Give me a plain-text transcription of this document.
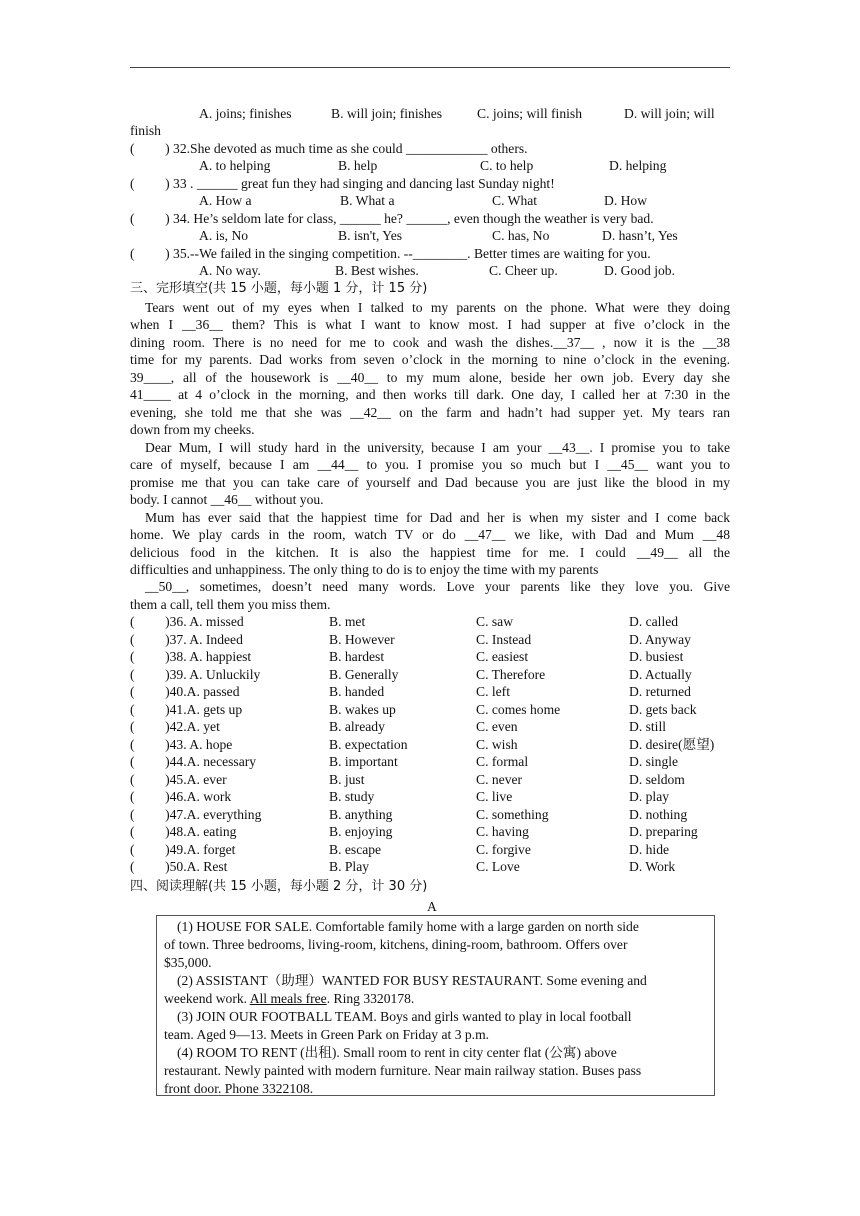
A. joins; finishes	B. will join; finishes	C. joins; will finish	D. will join; will
finish
(         ) 32.She devoted as much time as she could ____________ others.
A. to helping	B. help	C. to help	D. helping
(         ) 33 . ______ great fun they had singing and dancing last Sunday night!
A. How a	B. What a	C. What	D. How
(         ) 34. He’s seldom late for class, ______ he? ______, even though the weather is very bad.
A. is, No	B. isn't, Yes	C. has, No	D. hasn’t, Yes
(         ) 35.--We failed in the singing competition. --________. Better times are waiting for you.
A. No way.	B. Best wishes.	C. Cheer up.	D. Good job.
三、完形填空(共 15 小题，每小题 1 分，计 15 分)
Tears went out of my eyes when I talked to my parents on the phone. What were they doing
when I __36__ them? This is what I want to know most. I had supper at five o’clock in the
dining room. There is no need for me to cook and wash the dishes.__37__ , now it is the __38
time for my parents. Dad works from seven o’clock in the morning to nine o’clock in the evening.
39____, all of the housework is __40__ to my mum alone, beside her own job. Every day she
41____ at 4 o’clock in the morning, and then works till dark. One day, I called her at 7:30 in the
evening, she told me that she was __42__ on the farm and hadn’t had supper yet. My tears ran
down from my cheeks.
Dear Mum, I will study hard in the university, because I am your __43__. I promise you to take
care of myself, because I am __44__ to you. I promise you so much but I __45__ want you to
promise me that you can take care of yourself and Dad because you are just like the blood in my
body. I cannot __46__ without you.
Mum has ever said that the happiest time for Dad and her is when my sister and I come back
home. We play cards in the room, watch TV or do __47__ we like, with Dad and Mum __48
delicious food in the kitchen. It is also the happiest time for me. I could __49__ all the
difficulties and unhappiness. The only thing to do is to enjoy the time with my parents
__50__, sometimes, doesn’t need many words. Love your parents like they love you. Give
them a call, tell them you miss them.
(         )36. A. missed	B. met	C. saw	D. called
(         )37. A. Indeed	B. However	C. Instead	D. Anyway
(         )38. A. happiest	B. hardest	C. easiest	D. busiest
(         )39. A. Unluckily	B. Generally	C. Therefore	D. Actually
(         )40.A. passed	B. handed	C. left	D. returned
(         )41.A. gets up	B. wakes up	C. comes home	D. gets back
(         )42.A. yet	B. already	C. even	D. still
(         )43. A. hope	B. expectation	C. wish	D. desire(愿望)
(         )44.A. necessary	B. important	C. formal	D. single
(         )45.A. ever	B. just	C. never	D. seldom
(         )46.A. work	B. study	C. live	D. play
(         )47.A. everything	B. anything	C. something	D. nothing
(         )48.A. eating	B. enjoying	C. having	D. preparing
(         )49.A. forget	B. escape	C. forgive	D. hide
(         )50.A. Rest	B. Play	C. Love	D. Work
四、阅读理解(共 15 小题，每小题 2 分，计 30 分)
A
(1) HOUSE FOR SALE. Comfortable family home with a large garden on north side
of town. Three bedrooms, living-room, kitchens, dining-room, bathroom. Offers over
$35,000.
(2) ASSISTANT（助理）WANTED FOR BUSY RESTAURANT. Some evening and
weekend work. All meals free. Ring 3320178.
(3) JOIN OUR FOOTBALL TEAM. Boys and girls wanted to play in local football
team. Aged 9—13. Meets in Green Park on Friday at 3 p.m.
(4) ROOM TO RENT (出租). Small room to rent in city center flat (公寓) above
restaurant. Newly painted with modern furniture. Near main railway station. Buses pass
front door. Phone 3322108.
